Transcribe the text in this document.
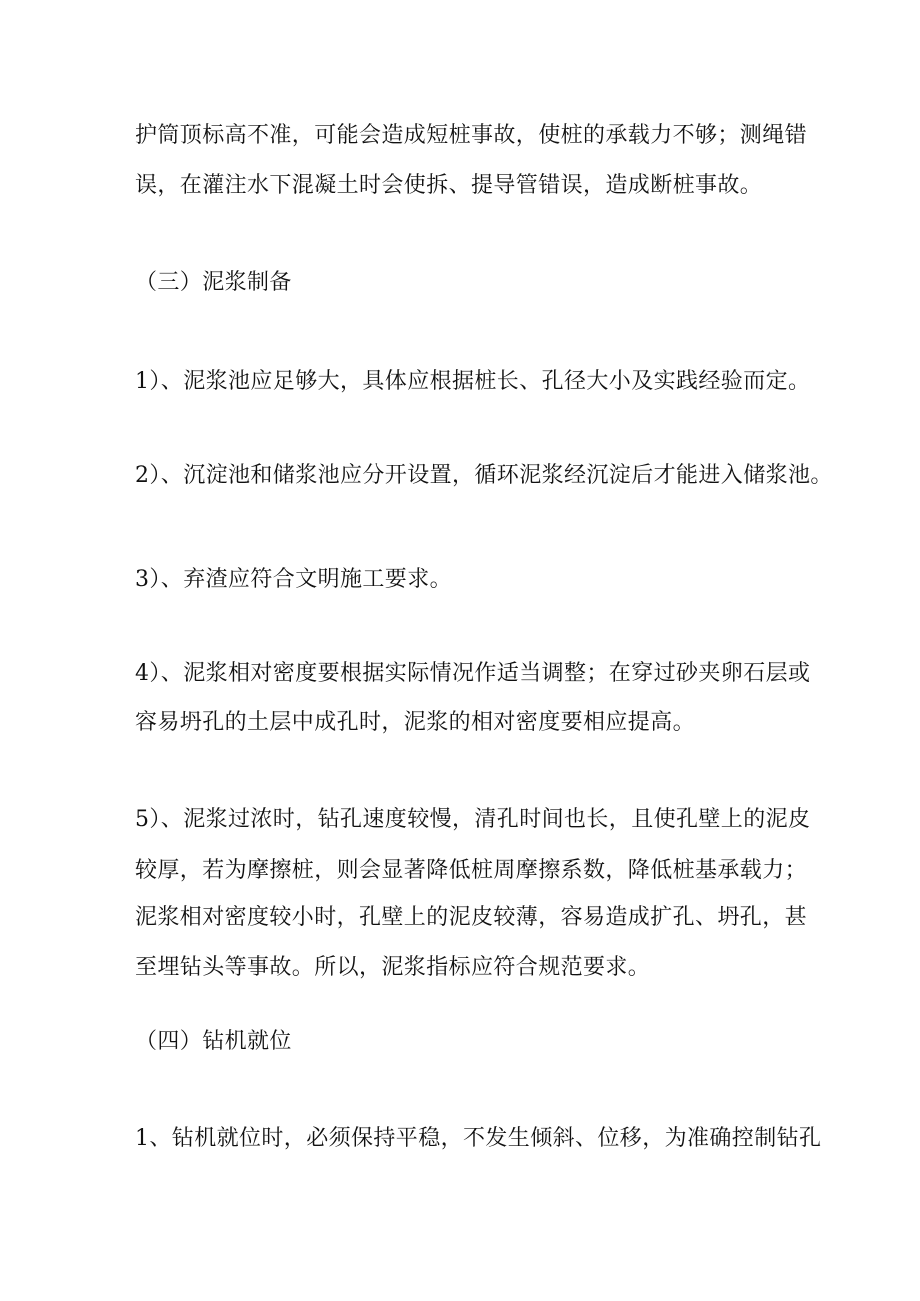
护筒顶标高不准，可能会造成短桩事故，使桩的承载力不够；测绳错
误，在灌注水下混凝土时会使拆、提导管错误，造成断桩事故。
（三）泥浆制备
1）、泥浆池应足够大，具体应根据桩长、孔径大小及实践经验而定。
2）、沉淀池和储浆池应分开设置，循环泥浆经沉淀后才能进入储浆池。
3）、弃渣应符合文明施工要求。
4）、泥浆相对密度要根据实际情况作适当调整；在穿过砂夹卵石层或
容易坍孔的土层中成孔时，泥浆的相对密度要相应提高。
5）、泥浆过浓时，钻孔速度较慢，清孔时间也长，且使孔壁上的泥皮
较厚，若为摩擦桩，则会显著降低桩周摩擦系数，降低桩基承载力；
泥浆相对密度较小时，孔壁上的泥皮较薄，容易造成扩孔、坍孔，甚
至埋钻头等事故。所以，泥浆指标应符合规范要求。
（四）钻机就位
1、钻机就位时，必须保持平稳，不发生倾斜、位移，为准确控制钻孔
